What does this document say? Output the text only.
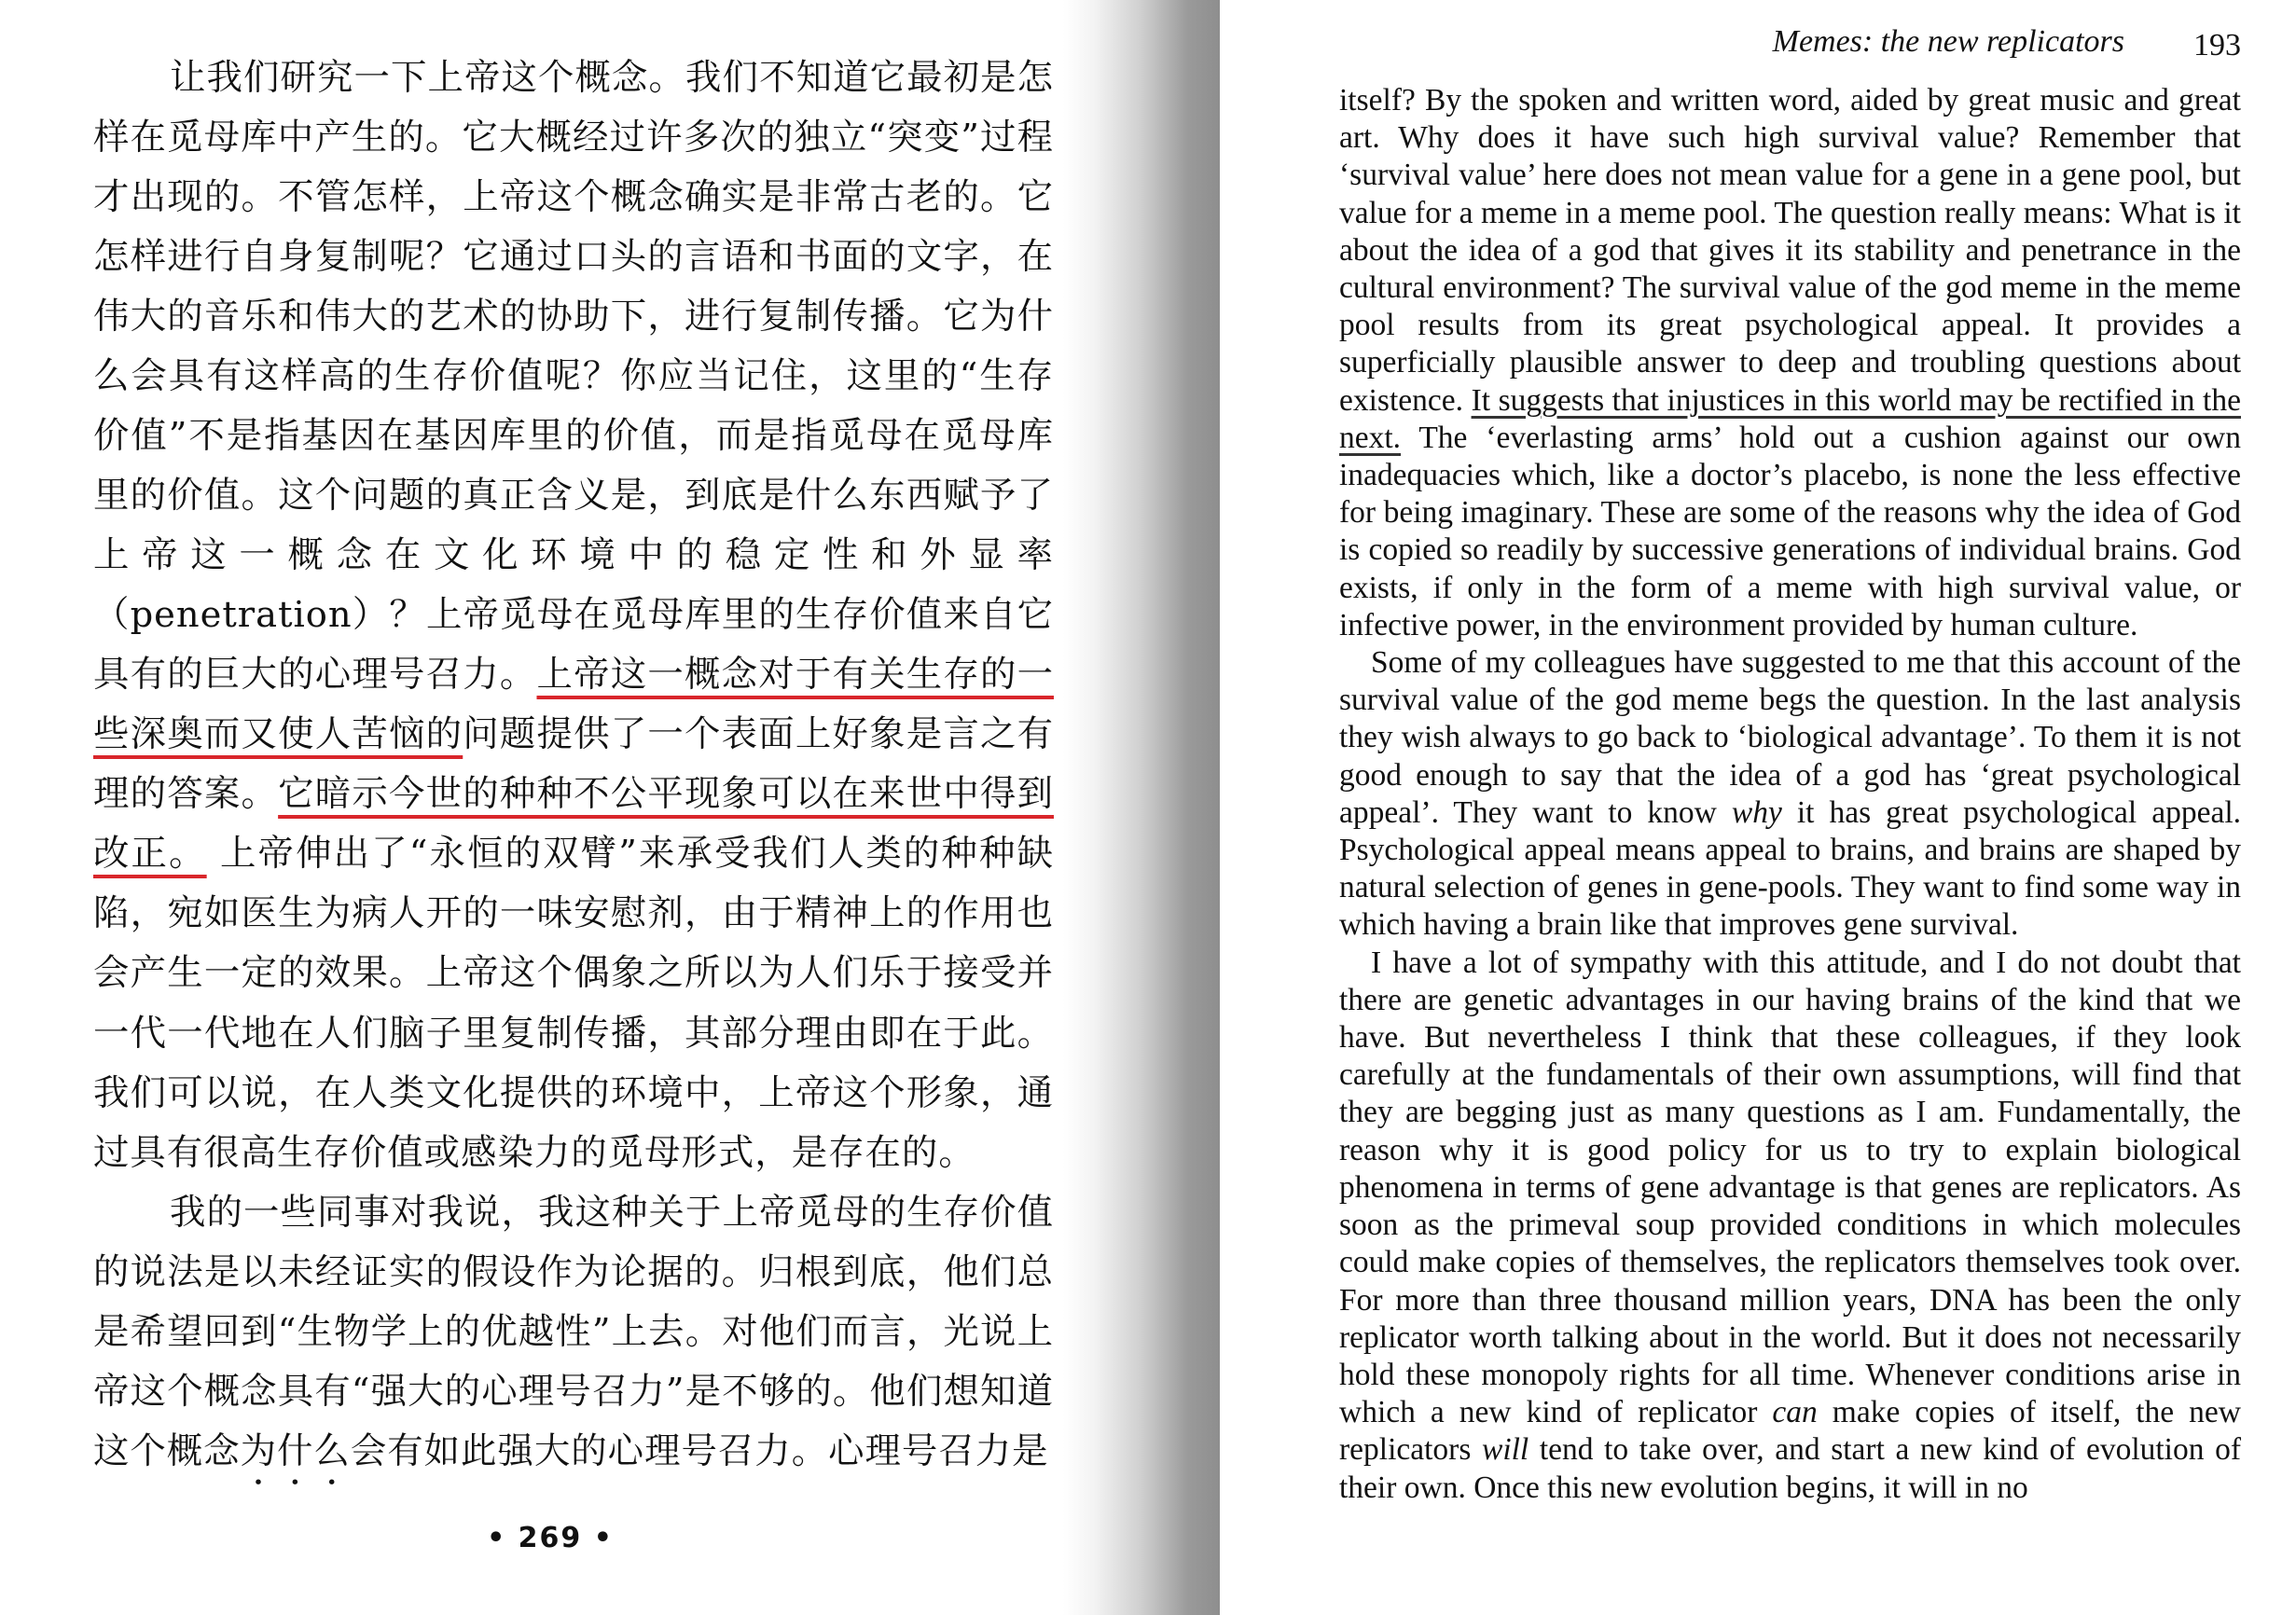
让我们研究一下上帝这个概念。我们不知道它最初是怎样在觅母库中产生的。它大概经过许多次的独立“突变”过程才出现的。不管怎样，上帝这个概念确实是非常古老的。它怎样进行自身复制呢？它通过口头的言语和书面的文字，在伟大的音乐和伟大的艺术的协助下，进行复制传播。它为什么会具有这样高的生存价值呢？你应当记住，这里的“生存价值”不是指基因在基因库里的价值，而是指觅母在觅母库里的价值。这个问题的真正含义是，到底是什么东西赋予了上帝这一概念在文化环境中的稳定性和外显率（penetration）？上帝觅母在觅母库里的生存价值来自它具有的巨大的心理号召力。上帝这一概念对于有关生存的一些深奥而又使人苦恼的问题提供了一个表面上好象是言之有理的答案。它暗示今世的种种不公平现象可以在来世中得到改正。 上帝伸出了“永恒的双臂”来承受我们人类的种种缺陷，宛如医生为病人开的一味安慰剂，由于精神上的作用也会产生一定的效果。上帝这个偶象之所以为人们乐于接受并一代一代地在人们脑子里复制传播，其部分理由即在于此。我们可以说，在人类文化提供的环境中，上帝这个形象，通过具有很高生存价值或感染力的觅母形式，是存在的。

我的一些同事对我说，我这种关于上帝觅母的生存价值的说法是以未经证实的假设作为论据的。归根到底，他们总是希望回到“生物学上的优越性”上去。对他们而言，光说上帝这个概念具有“强大的心理号召力”是不够的。他们想知道这个概念为什么会有如此强大的心理号召力。心理号召力是

• 269 •
Memes: the new replicators 193

itself? By the spoken and written word, aided by great music and great art. Why does it have such high survival value? Remember that ‘survival value’ here does not mean value for a gene in a gene pool, but value for a meme in a meme pool. The question really means: What is it about the idea of a god that gives it its stability and penetrance in the cultural environment? The survival value of the god meme in the meme pool results from its great psychological appeal. It provides a superficially plausible answer to deep and troubling questions about existence. It suggests that injustices in this world may be rectified in the next. The ‘everlasting arms’ hold out a cushion against our own inadequacies which, like a doctor’s placebo, is none the less effective for being imaginary. These are some of the reasons why the idea of God is copied so readily by successive generations of individual brains. God exists, if only in the form of a meme with high survival value, or infective power, in the environment provided by human culture.

Some of my colleagues have suggested to me that this account of the survival value of the god meme begs the question. In the last analysis they wish always to go back to ‘biological advantage’. To them it is not good enough to say that the idea of a god has ‘great psychological appeal’. They want to know why it has great psychological appeal. Psychological appeal means appeal to brains, and brains are shaped by natural selection of genes in gene-pools. They want to find some way in which having a brain like that improves gene survival.

I have a lot of sympathy with this attitude, and I do not doubt that there are genetic advantages in our having brains of the kind that we have. But nevertheless I think that these colleagues, if they look carefully at the fundamentals of their own assumptions, will find that they are begging just as many questions as I am. Fundamentally, the reason why it is good policy for us to try to explain biological phenomena in terms of gene advantage is that genes are replicators. As soon as the primeval soup provided conditions in which molecules could make copies of themselves, the replicators themselves took over. For more than three thousand million years, DNA has been the only replicator worth talking about in the world. But it does not necessarily hold these monopoly rights for all time. Whenever conditions arise in which a new kind of replicator can make copies of itself, the new replicators will tend to take over, and start a new kind of evolution of their own. Once this new evolution begins, it will in no
